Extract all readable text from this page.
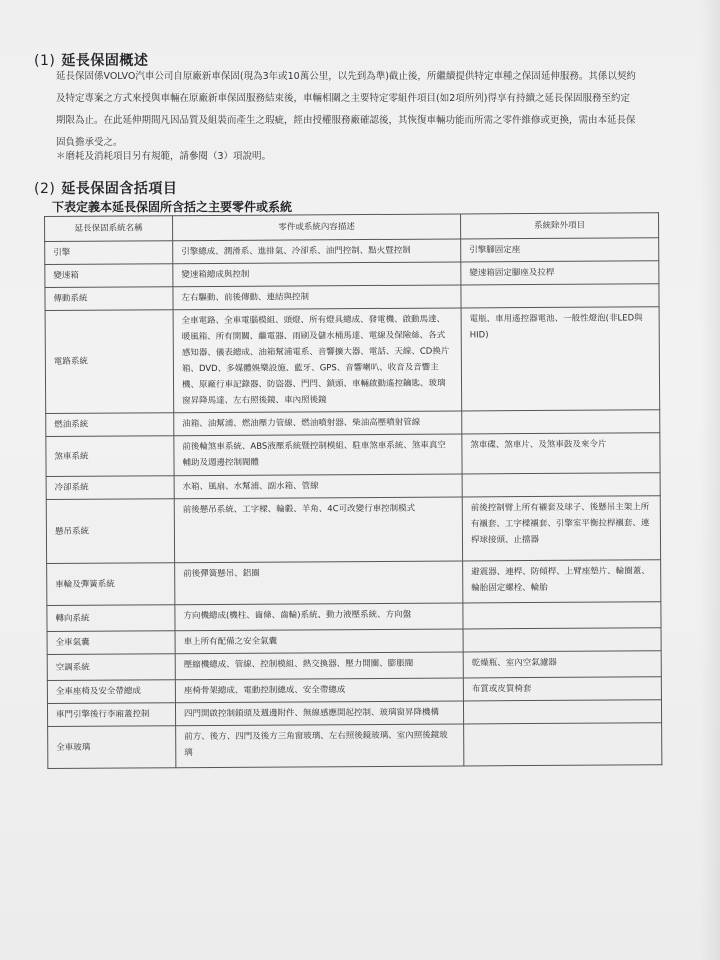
(1) 延長保固概述
延長保固係VOLVO汽車公司自原廠新車保固(現為3年或10萬公里，以先到為準)截止後，所繼續提供特定車種之保固延伸服務。其係以契約
及特定專案之方式來授與車輛在原廠新車保固服務結束後，車輛相關之主要特定零組件項目(如2項所列)得享有持續之延長保固服務至約定
期限為止。在此延伸期間凡因品質及組裝而產生之瑕疵，經由授權服務廠確認後，其恢復車輛功能而所需之零件維修或更換，需由本延長保
固負擔承受之。
＊磨耗及消耗項目另有規範，請參閱（3）項說明。
(2) 延長保固含括項目
下表定義本延長保固所含括之主要零件或系統
延長保固系統名稱	零件或系統內容描述	系統除外項目
引擎	引擎總成、潤滑系、進排氣、冷卻系、油門控制、點火暨控制	引擎腳固定座
變速箱	變速箱總成與控制	變速箱固定腳座及拉桿
傳動系統	左右驅動、前後傳動、連結與控制	
電路系統	全車電路、全車電腦模組、頭燈、所有燈具總成、發電機、啟動馬達、暖風箱、所有開關、繼電器、雨刷及儲水桶馬達、電線及保險絲、各式感知器、儀表總成、油箱幫浦電系、音響擴大器、電話、天線、CD換片箱、DVD、多媒體娛樂設施、藍牙、GPS、音響喇叭、收音及音響主機、原廠行車記錄器、防盜器、門閂、鎖頭、車輛啟動遙控鑰匙、玻璃窗昇降馬達、左右照後鏡、車內照後鏡	電瓶、車用遙控器電池、一般性燈泡(非LED與HID)
燃油系統	油箱、油幫浦、燃油壓力管線、燃油噴射器、柴油高壓噴射管線	
煞車系統	前後輪煞車系統、ABS液壓系統暨控制模組、駐車煞車系統、煞車真空輔助及週邊控制閥體	煞車碟、煞車片、及煞車鼓及來令片
冷卻系統	水箱、風扇、水幫浦、副水箱、管線	
懸吊系統	前後懸吊系統、工字樑、輪轂、羊角、4C可改變行車控制模式	前後控制臂上所有襯套及球子、後懸吊主架上所有襯套、工字樑襯套、引擎室平衡拉桿襯套、連桿球接頭、止擋器
車輪及彈簧系統	前後彈簧懸吊、鋁圈	避震器、連桿、防傾桿、上臂座墊片、輪圈蓋、輪胎固定螺栓、輪胎
轉向系統	方向機總成(機柱、齒條、齒輪)系統、動力液壓系統、方向盤	
全車氣囊	車上所有配備之安全氣囊	
空調系統	壓縮機總成、管線、控制模組、熱交換器、壓力開關、膨脹閥	乾燥瓶、室內空氣濾器
全車座椅及安全帶總成	座椅骨架總成、電動控制總成、安全帶總成	布質或皮質椅套
車門引擎後行李廂蓋控制	四門開啟控制鎖頭及週邊附件、無線感應開起控制、玻璃窗昇降機構	
全車玻璃	前方、後方、四門及後方三角窗玻璃、左右照後鏡玻璃、室內照後鏡玻璃	
